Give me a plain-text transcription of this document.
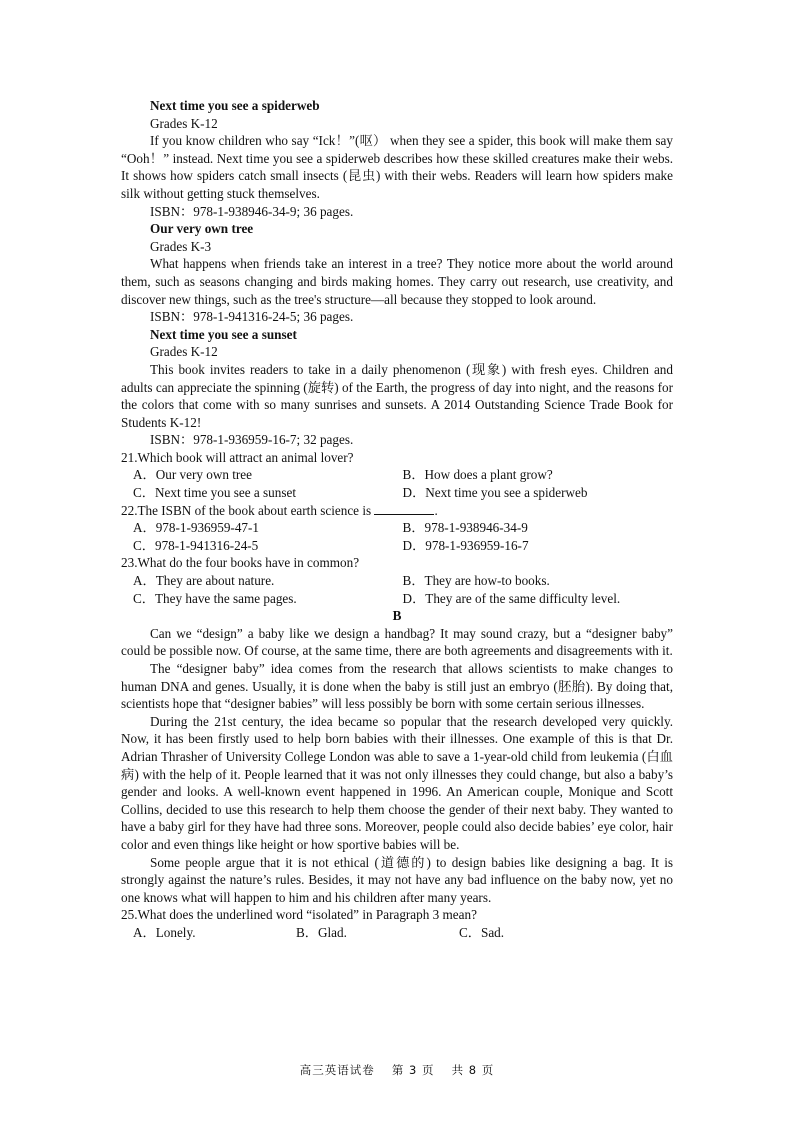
Next time you see a spiderweb

Grades K-12

If you know children who say “Ick！”(呕） when they see a spider, this book will make them say “Ooh！” instead. Next time you see a spiderweb describes how these skilled creatures make their webs. It shows how spiders catch small insects (昆虫) with their webs. Readers will learn how spiders make silk without getting stuck themselves.

ISBN：978-1-938946-34-9; 36 pages.

Our very own tree

Grades K-3

What happens when friends take an interest in a tree? They notice more about the world around them, such as seasons changing and birds making homes. They carry out research, use creativity, and discover new things, such as the tree's structure—all because they stopped to look around.

ISBN：978-1-941316-24-5; 36 pages.

Next time you see a sunset

Grades K-12

This book invites readers to take in a daily phenomenon (现象) with fresh eyes. Children and adults can appreciate the spinning (旋转) of the Earth, the progress of day into night, and the reasons for the colors that come with so many sunrises and sunsets. A 2014 Outstanding Science Trade Book for Students K-12!

ISBN：978-1-936959-16-7; 32 pages.

21.Which book will attract an animal lover?

A．Our very own tree	B．How does a plant grow?
C．Next time you see a sunset	D．Next time you see a spiderweb

22.The ISBN of the book about earth science is	.

A．978-1-936959-47-1	B．978-1-938946-34-9
C．978-1-941316-24-5	D．978-1-936959-16-7

23.What do the four books have in common?

A．They are about nature.	B．They are how-to books.
C．They have the same pages.	D．They are of the same difficulty level.

B

Can we “design” a baby like we design a handbag? It may sound crazy, but a “designer baby” could be possible now. Of course, at the same time, there are both agreements and disagreements with it.

The “designer baby” idea comes from the research that allows scientists to make changes to human DNA and genes. Usually, it is done when the baby is still just an embryo (胚胎). By doing that, scientists hope that “designer babies” will less possibly be born with some certain serious illnesses.

During the 21st century, the idea became so popular that the research developed very quickly. Now, it has been firstly used to help born babies with their illnesses. One example of this is that Dr. Adrian Thrasher of University College London was able to save a 1-year-old child from leukemia (白血病) with the help of it. People learned that it was not only illnesses they could change, but also a baby’s gender and looks. A well-known event happened in 1996. An American couple, Monique and Scott Collins, decided to use this research to help them choose the gender of their next baby. They wanted to have a baby girl for they have had three sons. Moreover, people could also decide babies’ eye color, hair color and even things like height or how sportive babies will be.

Some people argue that it is not ethical (道德的) to design babies like designing a bag. It is strongly against the nature’s rules. Besides, it may not have any bad influence on the baby now, yet no one knows what will happen to him and his children after many years.

25.What does the underlined word “isolated” in Paragraph 3 mean?

A．Lonely.	B．Glad.	C．Sad.
高三英语试卷　 第 3 页　 共 8 页
